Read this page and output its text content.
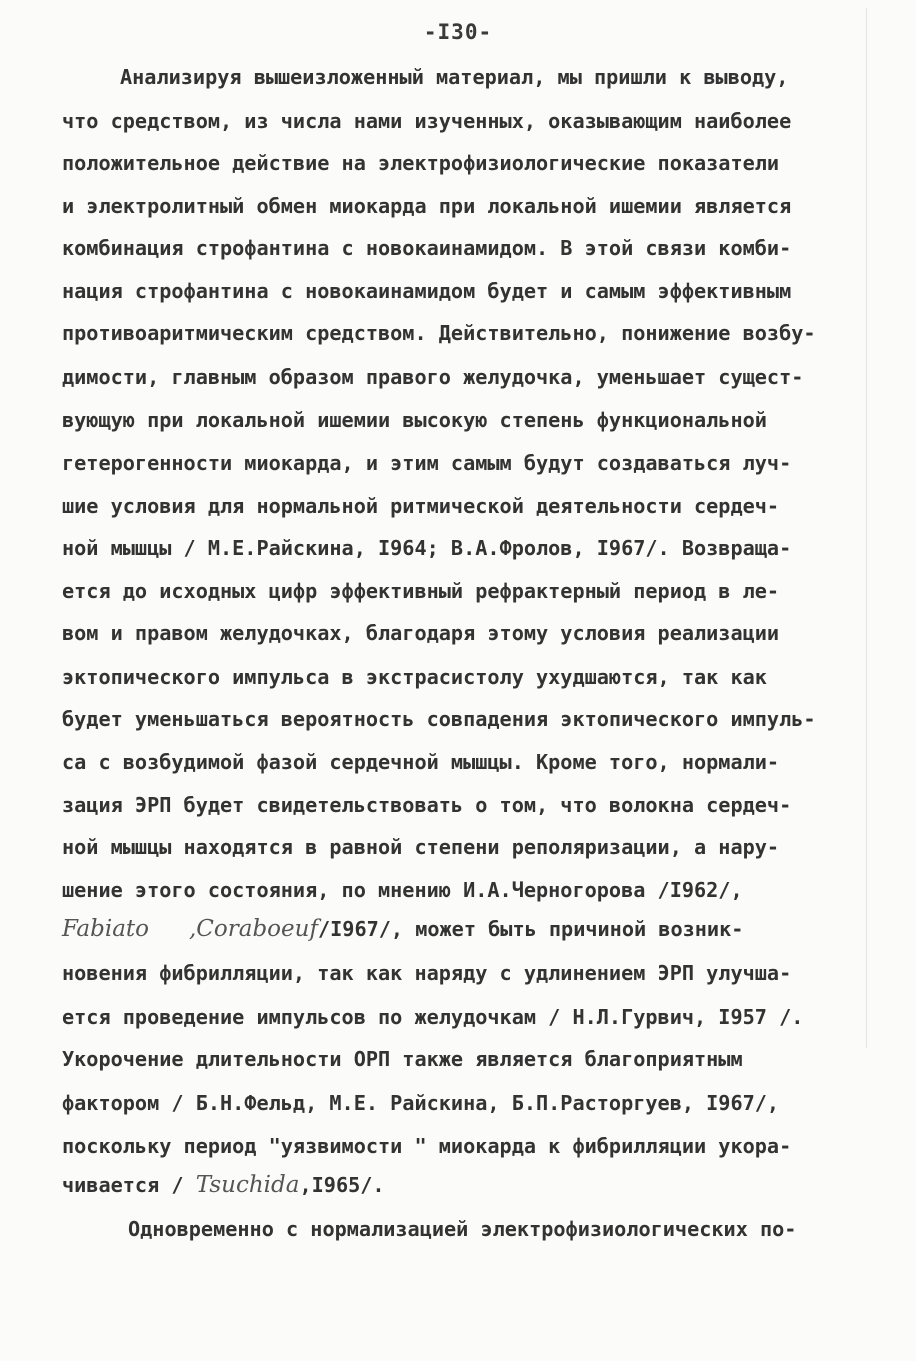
-I30-
Анализируя вышеизложенный материал, мы пришли к выводу,
что средством, из числа нами изученных, оказывающим наиболее
положительное действие на электрофизиологические показатели
и электролитный обмен миокарда при локальной ишемии является
комбинация строфантина с новокаинамидом. В этой связи комби-
нация строфантина с новокаинамидом будет и самым эффективным
противоаритмическим средством. Действительно, понижение возбу-
димости, главным образом правого желудочка, уменьшает сущест-
вующую при локальной ишемии высокую степень функциональной
гетерогенности миокарда, и этим самым будут создаваться луч-
шие условия для нормальной ритмической деятельности сердеч-
ной мышцы / М.Е.Райскина, I964; В.А.Фролов, I967/. Возвраща-
ется до исходных цифр эффективный рефрактерный период в ле-
вом и правом желудочках, благодаря этому условия реализации
эктопического импульса в экстрасистолу ухудшаются, так как
будет уменьшаться вероятность совпадения эктопического импуль-
са с возбудимой фазой сердечной мышцы. Кроме того, нормали-
зация ЭРП будет свидетельствовать о том, что волокна сердеч-
ной мышцы находятся в равной степени реполяризации, а нару-
шение этого состояния, по мнению И.А.Черногорова /I962/,
Fabiato ,Coraboeuf/I967/, может быть причиной возник-
новения фибрилляции, так как наряду с удлинением ЭРП улучша-
ется проведение импульсов по желудочкам / Н.Л.Гурвич, I957 /.
Укорочение длительности ОРП также является благоприятным
фактором / Б.Н.Фельд, М.Е. Райскина, Б.П.Расторгуев, I967/,
поскольку период "уязвимости " миокарда к фибрилляции укора-
чивается / Tsuchida,I965/.
Одновременно с нормализацией электрофизиологических по-
